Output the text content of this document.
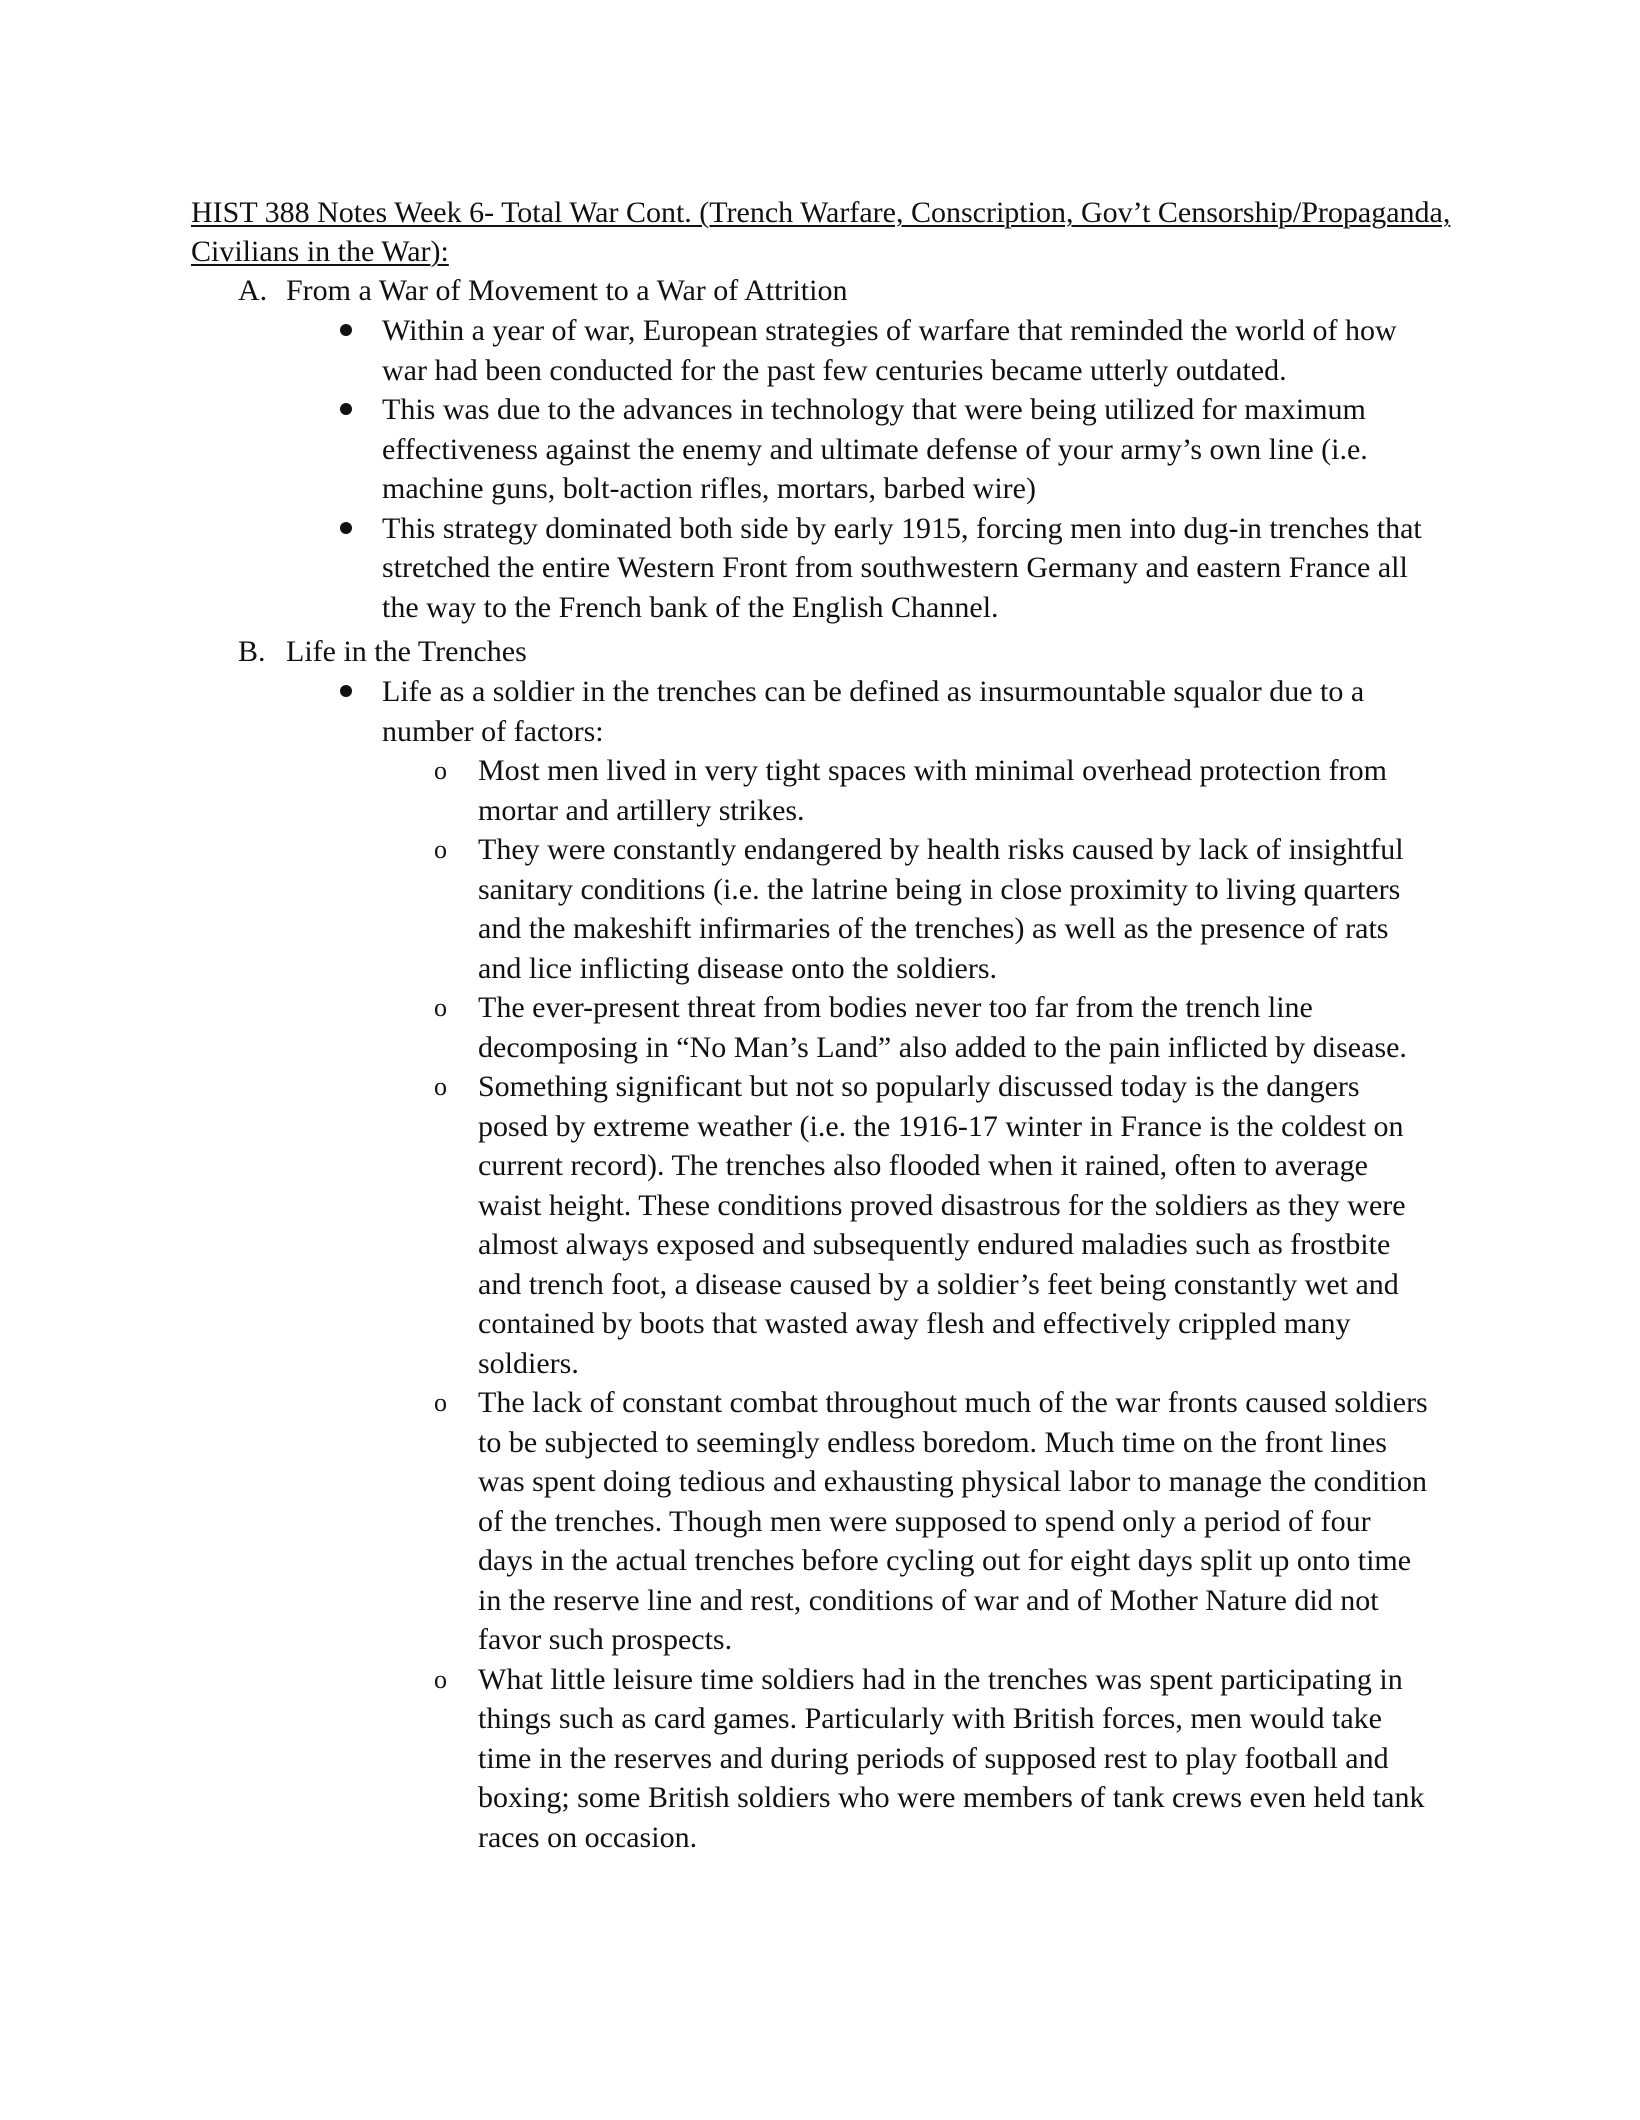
HIST 388 Notes Week 6- Total War Cont. (Trench Warfare, Conscription, Gov’t Censorship/Propaganda, Civilians in the War):
A. From a War of Movement to a War of Attrition
Within a year of war, European strategies of warfare that reminded the world of how war had been conducted for the past few centuries became utterly outdated.
This was due to the advances in technology that were being utilized for maximum effectiveness against the enemy and ultimate defense of your army’s own line (i.e. machine guns, bolt-action rifles, mortars, barbed wire)
This strategy dominated both side by early 1915, forcing men into dug-in trenches that stretched the entire Western Front from southwestern Germany and eastern France all the way to the French bank of the English Channel.
B. Life in the Trenches
Life as a soldier in the trenches can be defined as insurmountable squalor due to a number of factors:
o Most men lived in very tight spaces with minimal overhead protection from mortar and artillery strikes.
o They were constantly endangered by health risks caused by lack of insightful sanitary conditions (i.e. the latrine being in close proximity to living quarters and the makeshift infirmaries of the trenches) as well as the presence of rats and lice inflicting disease onto the soldiers.
o The ever-present threat from bodies never too far from the trench line decomposing in “No Man’s Land” also added to the pain inflicted by disease.
o Something significant but not so popularly discussed today is the dangers posed by extreme weather (i.e. the 1916-17 winter in France is the coldest on current record). The trenches also flooded when it rained, often to average waist height. These conditions proved disastrous for the soldiers as they were almost always exposed and subsequently endured maladies such as frostbite and trench foot, a disease caused by a soldier’s feet being constantly wet and contained by boots that wasted away flesh and effectively crippled many soldiers.
o The lack of constant combat throughout much of the war fronts caused soldiers to be subjected to seemingly endless boredom. Much time on the front lines was spent doing tedious and exhausting physical labor to manage the condition of the trenches. Though men were supposed to spend only a period of four days in the actual trenches before cycling out for eight days split up onto time in the reserve line and rest, conditions of war and of Mother Nature did not favor such prospects.
o What little leisure time soldiers had in the trenches was spent participating in things such as card games. Particularly with British forces, men would take time in the reserves and during periods of supposed rest to play football and boxing; some British soldiers who were members of tank crews even held tank races on occasion.
